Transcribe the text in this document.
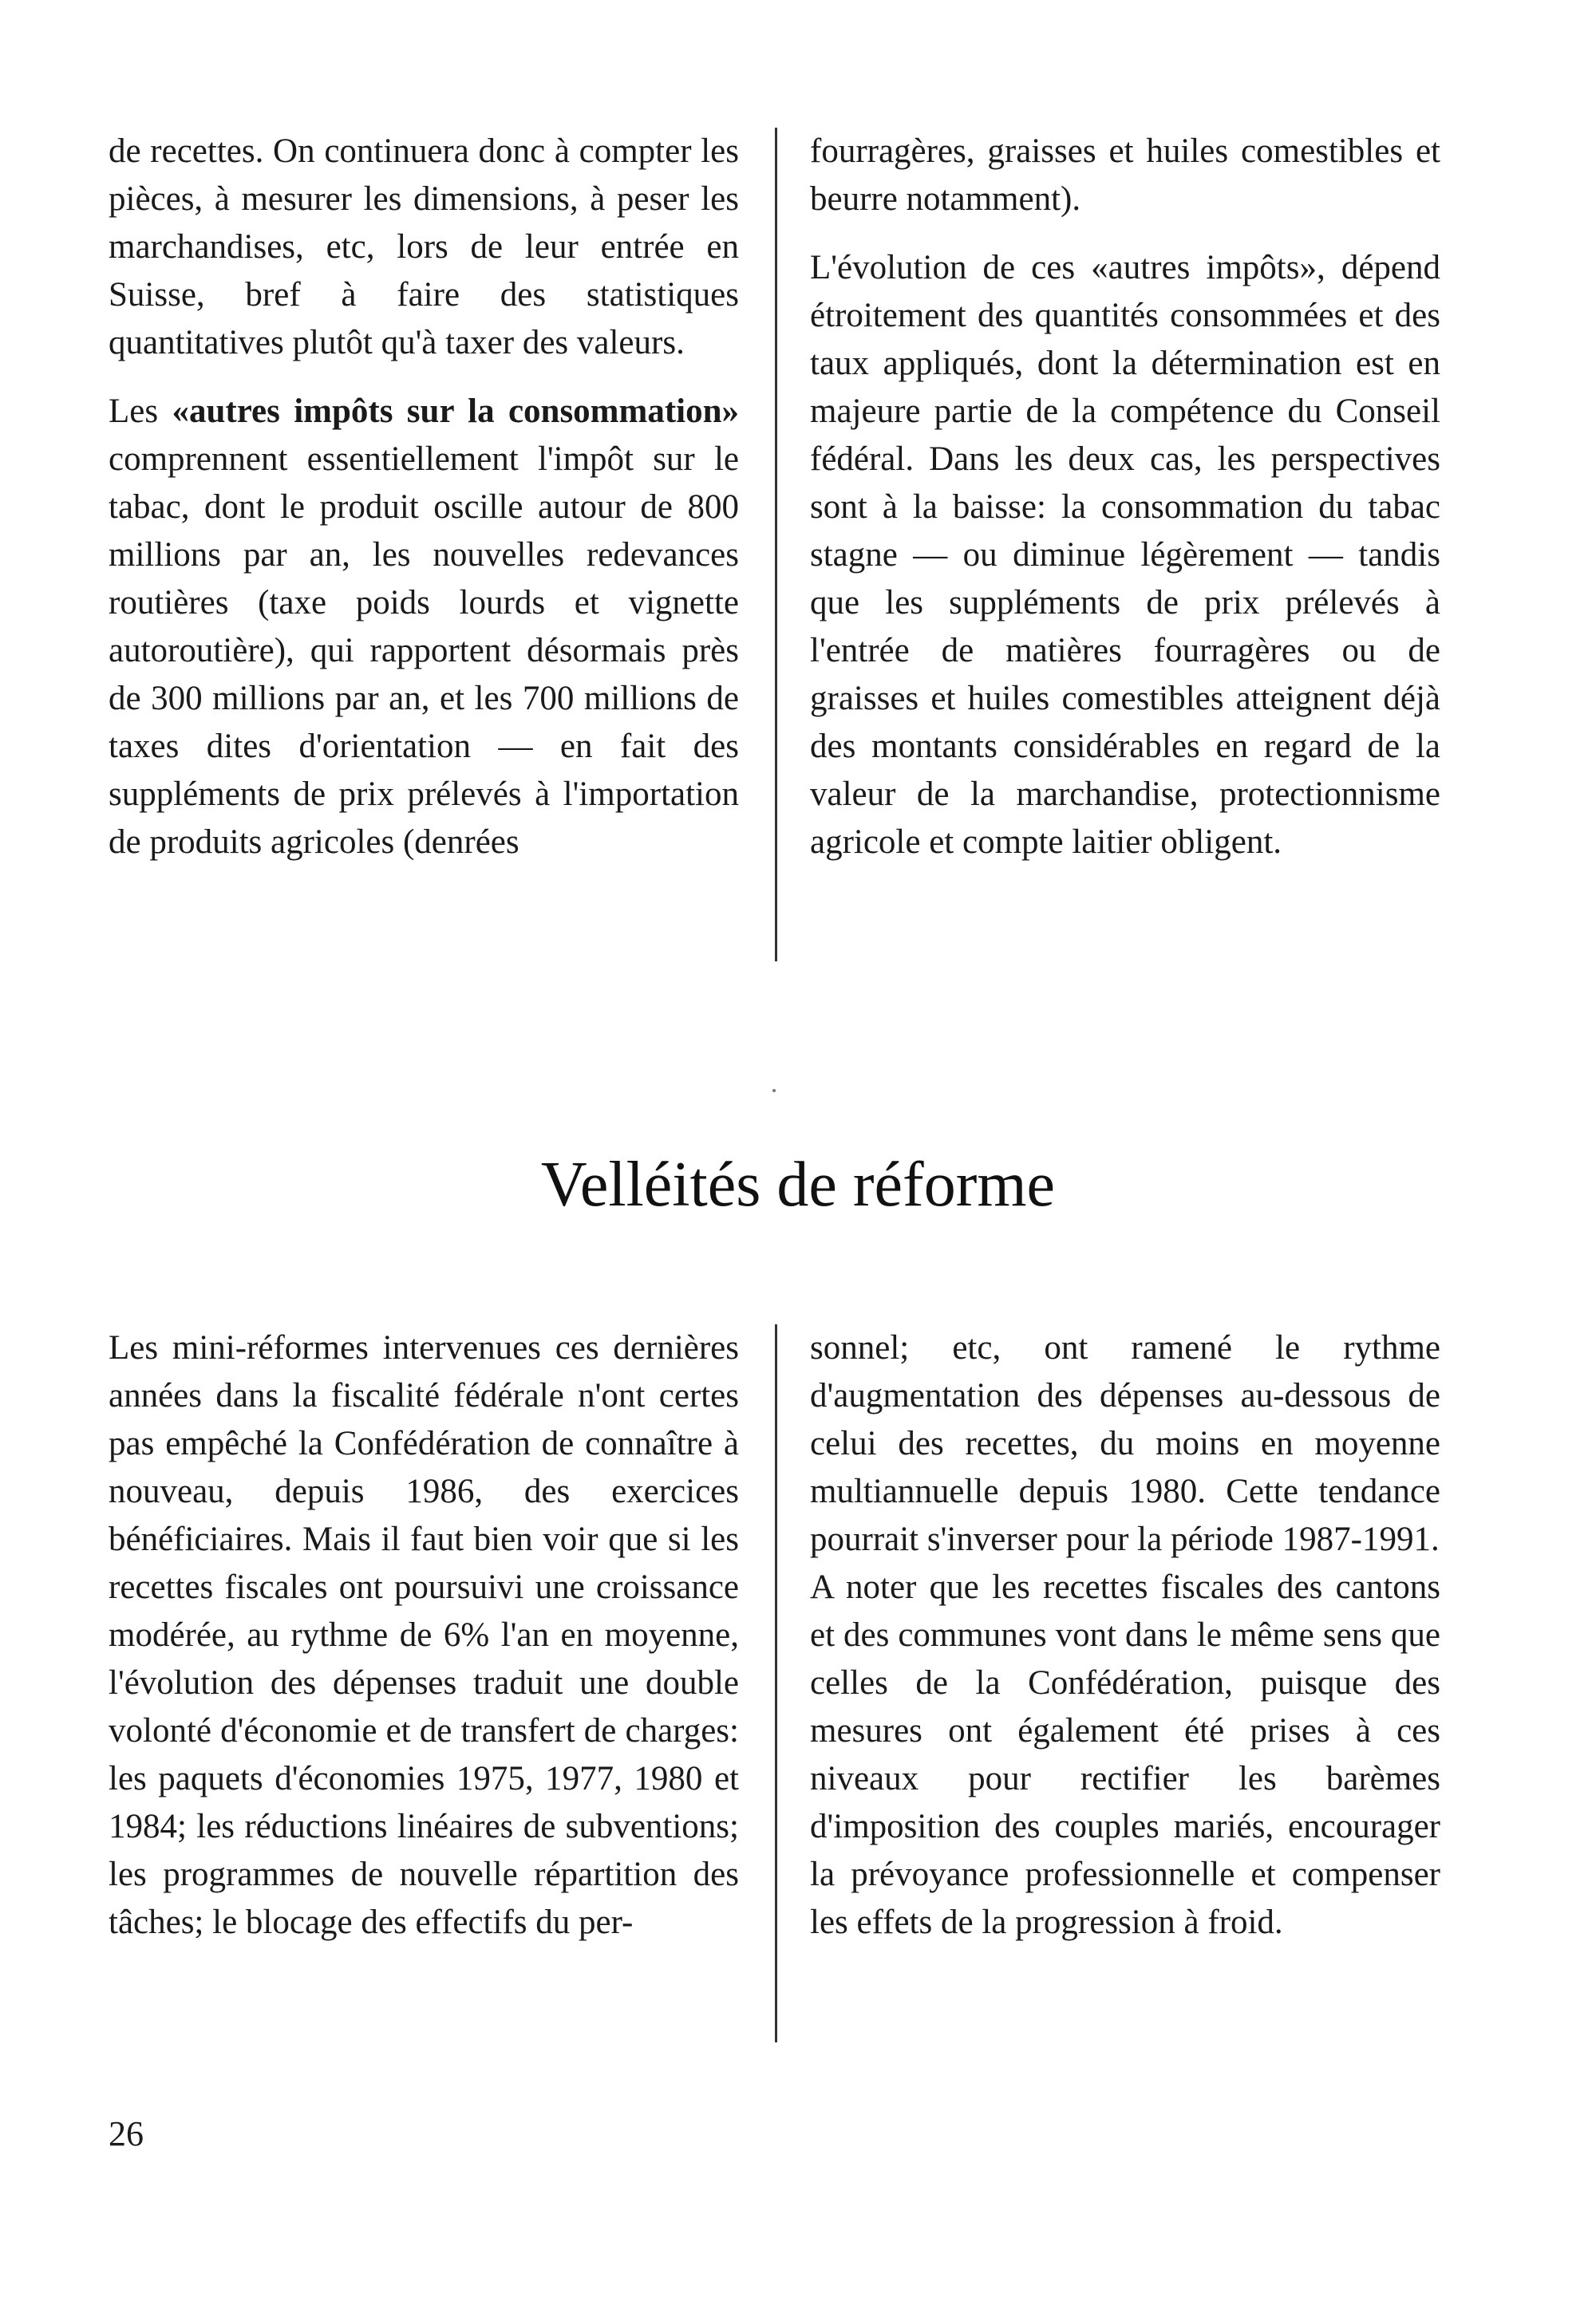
de recettes. On continuera donc à compter les pièces, à mesurer les dimensions, à peser les marchandises, etc, lors de leur entrée en Suisse, bref à faire des statistiques quantitatives plutôt qu'à taxer des valeurs.

Les «autres impôts sur la consommation» comprennent essentiellement l'impôt sur le tabac, dont le produit oscille autour de 800 millions par an, les nouvelles redevances routières (taxe poids lourds et vignette autoroutière), qui rapportent désormais près de 300 millions par an, et les 700 millions de taxes dites d'orientation — en fait des suppléments de prix prélevés à l'importation de produits agricoles (denrées

fourragères, graisses et huiles comestibles et beurre notamment).

L'évolution de ces «autres impôts», dépend étroitement des quantités consommées et des taux appliqués, dont la détermination est en majeure partie de la compétence du Conseil fédéral. Dans les deux cas, les perspectives sont à la baisse: la consommation du tabac stagne — ou diminue légèrement — tandis que les suppléments de prix prélevés à l'entrée de matières fourragères ou de graisses et huiles comestibles atteignent déjà des montants considérables en regard de la valeur de la marchandise, protectionnisme agricole et compte laitier obligent.

Velléités de réforme

Les mini-réformes intervenues ces dernières années dans la fiscalité fédérale n'ont certes pas empêché la Confédération de connaître à nouveau, depuis 1986, des exercices bénéficiaires. Mais il faut bien voir que si les recettes fiscales ont poursuivi une croissance modérée, au rythme de 6% l'an en moyenne, l'évolution des dépenses traduit une double volonté d'économie et de transfert de charges: les paquets d'économies 1975, 1977, 1980 et 1984; les réductions linéaires de subventions; les programmes de nouvelle répartition des tâches; le blocage des effectifs du per-

sonnel; etc, ont ramené le rythme d'augmentation des dépenses au-dessous de celui des recettes, du moins en moyenne multiannuelle depuis 1980. Cette tendance pourrait s'inverser pour la période 1987-1991.

A noter que les recettes fiscales des cantons et des communes vont dans le même sens que celles de la Confédération, puisque des mesures ont également été prises à ces niveaux pour rectifier les barèmes d'imposition des couples mariés, encourager la prévoyance professionnelle et compenser les effets de la progression à froid.

26
